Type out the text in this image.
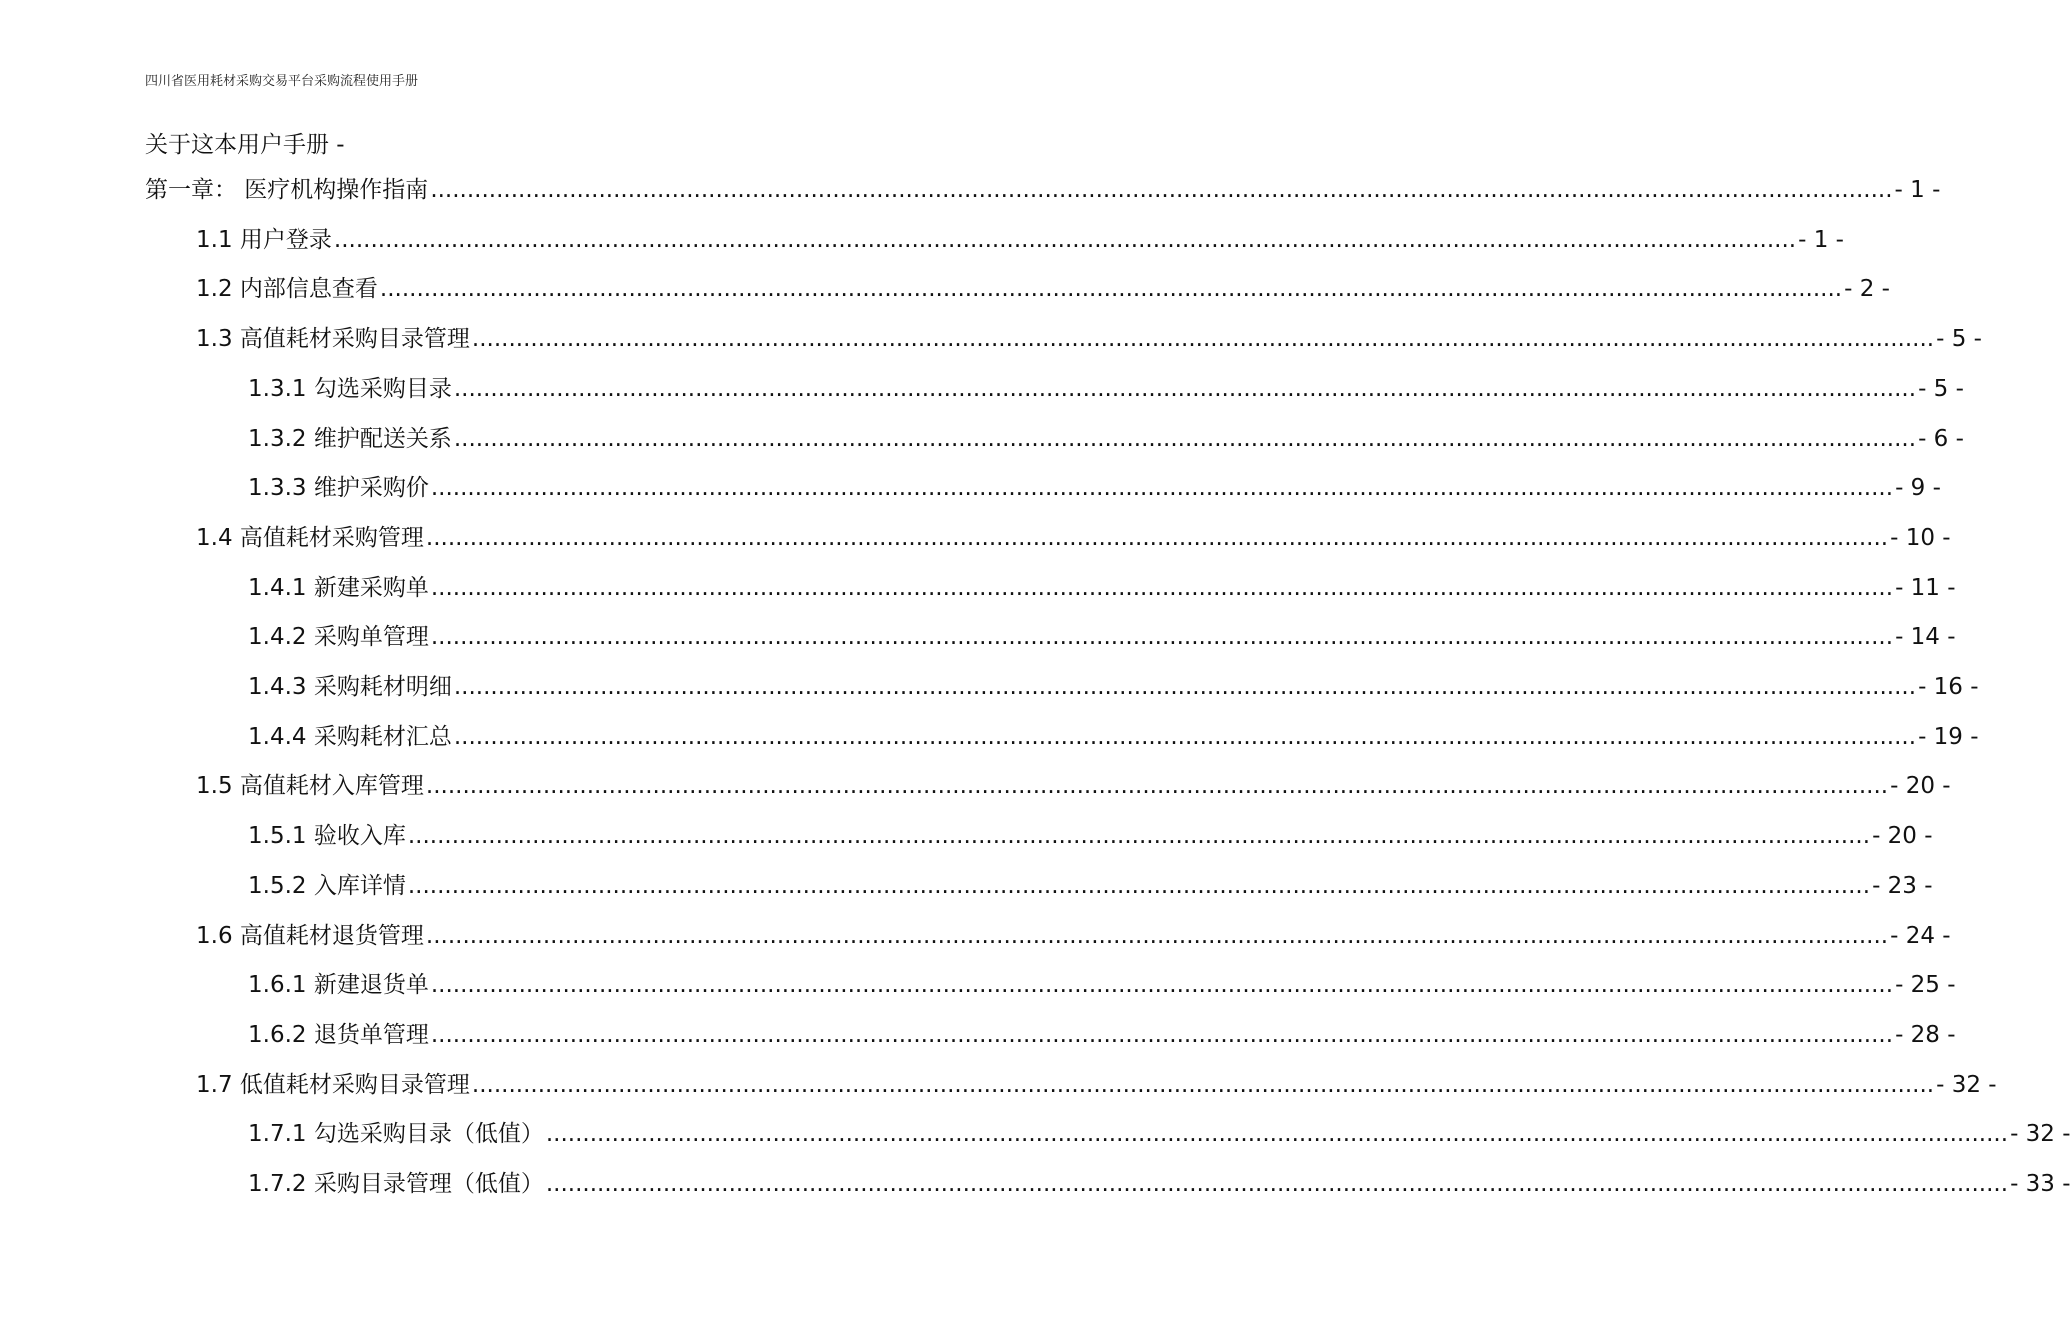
四川省医用耗材采购交易平台采购流程使用手册
关于这本用户手册 -
第一章： 医疗机构操作指南 ........................................................................................................................................................................................................ - 1 -
1.1 用户登录 ........................................................................................................................................................................................................ - 1 -
1.2 内部信息查看 ........................................................................................................................................................................................................ - 2 -
1.3 高值耗材采购目录管理 ........................................................................................................................................................................................................ - 5 -
1.3.1 勾选采购目录 ........................................................................................................................................................................................................ - 5 -
1.3.2 维护配送关系 ........................................................................................................................................................................................................ - 6 -
1.3.3 维护采购价 ........................................................................................................................................................................................................ - 9 -
1.4 高值耗材采购管理 ........................................................................................................................................................................................................ - 10 -
1.4.1 新建采购单 ........................................................................................................................................................................................................ - 11 -
1.4.2 采购单管理 ........................................................................................................................................................................................................ - 14 -
1.4.3 采购耗材明细 ........................................................................................................................................................................................................ - 16 -
1.4.4 采购耗材汇总 ........................................................................................................................................................................................................ - 19 -
1.5 高值耗材入库管理 ........................................................................................................................................................................................................ - 20 -
1.5.1 验收入库 ........................................................................................................................................................................................................ - 20 -
1.5.2 入库详情 ........................................................................................................................................................................................................ - 23 -
1.6 高值耗材退货管理 ........................................................................................................................................................................................................ - 24 -
1.6.1 新建退货单 ........................................................................................................................................................................................................ - 25 -
1.6.2 退货单管理 ........................................................................................................................................................................................................ - 28 -
1.7 低值耗材采购目录管理 ........................................................................................................................................................................................................ - 32 -
1.7.1 勾选采购目录（低值） ........................................................................................................................................................................................................ - 32 -
1.7.2 采购目录管理（低值） ........................................................................................................................................................................................................ - 33 -
